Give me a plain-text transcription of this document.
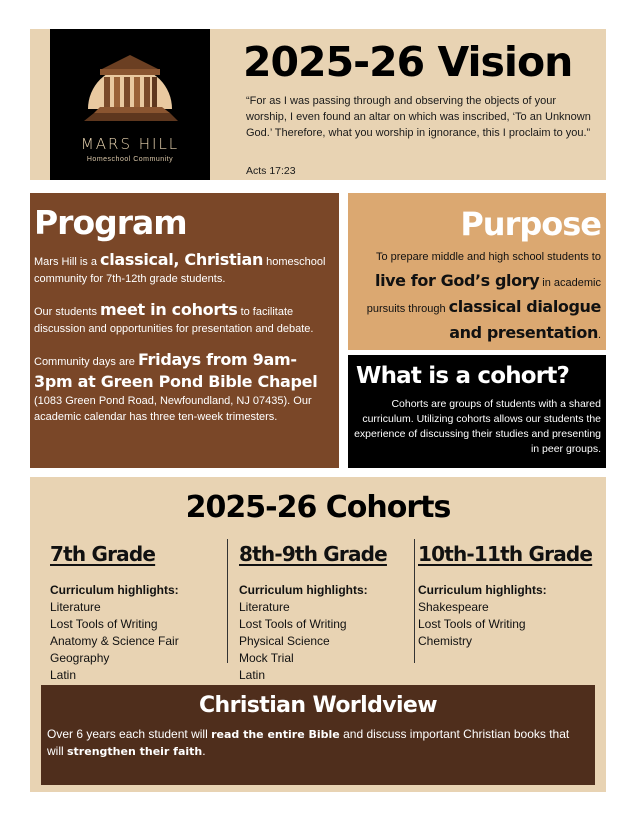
MARS HILL
Homeschool Community
2025-26 Vision
“For as I was passing through and observing the objects of your worship, I even found an altar on which was inscribed, ‘To an Unknown God.’ Therefore, what you worship in ignorance, this I proclaim to you.”
Acts 17:23
Program

Mars Hill is a classical, Christian homeschool community for 7th-12th grade students.

Our students meet in cohorts to facilitate discussion and opportunities for presentation and debate.

Community days are Fridays from 9am-3pm at Green Pond Bible Chapel (1083 Green Pond Road, Newfoundland, NJ 07435). Our academic calendar has three ten-week trimesters.

Purpose

To prepare middle and high school students to live for God’s glory in academic pursuits through classical dialogue and presentation.

What is a cohort?

Cohorts are groups of students with a shared curriculum. Utilizing cohorts allows our students the experience of discussing their studies and presenting in peer groups.

2025-26 Cohorts
7th Grade
Curriculum highlights:
Literature
Lost Tools of Writing
Anatomy & Science Fair
Geography
Latin
8th-9th Grade
Curriculum highlights:
Literature
Lost Tools of Writing
Physical Science
Mock Trial
Latin
10th-11th Grade
Curriculum highlights:
Shakespeare
Lost Tools of Writing
Chemistry
Christian Worldview

Over 6 years each student will read the entire Bible and discuss important Christian books that will strengthen their faith.
